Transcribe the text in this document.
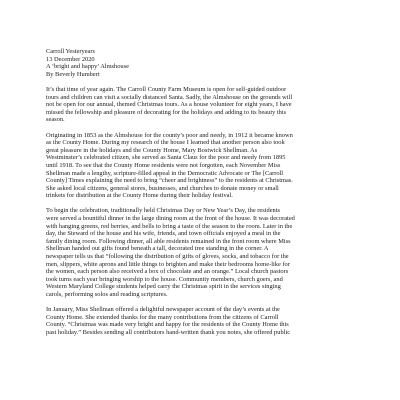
Carroll Yesteryears
13 December 2020
A ‘bright and happy’ Almshouse
By Beverly Humbert
It’s that time of year again. The Carroll County Farm Museum is open for self-guided outdoor
tours and children can visit a socially distanced Santa. Sadly, the Almshouse on the grounds will
not be open for our annual, themed Christmas tours. As a house volunteer for eight years, I have
missed the fellowship and pleasure of decorating for the holidays and adding to its beauty this
season.
Originating in 1853 as the Almshouse for the county’s poor and needy, in 1912 it became known
as the County Home. During my research of the house I learned that another person also took
great pleasure in the holidays and the County Home, Mary Bostwick Shellman. As
Westminster’s celebrated citizen, she served as Santa Claus for the poor and needy from 1895
until 1918. To see that the County Home residents were not forgotten, each November Miss
Shellman made a lengthy, scripture-filled appeal in the Democratic Advocate or The [Carroll
County] Times explaining the need to bring “cheer and brightness” to the residents at Christmas.
She asked local citizens, general stores, businesses, and churches to donate money or small
trinkets for distribution at the County Home during their holiday festival.
To begin the celebration, traditionally held Christmas Day or New Year’s Day, the residents
were served a bountiful dinner in the large dining room at the front of the house. It was decorated
with hanging greens, red berries, and bells to bring a taste of the season to the room. Later in the
day, the Steward of the house and his wife, friends, and town officials enjoyed a meal in the
family dining room. Following dinner, all able residents remained in the front room where Miss
Shellman handed out gifts found beneath a tall, decorated tree standing in the corner. A
newspaper tells us that “following the distribution of gifts of gloves, socks, and tobacco for the
men, slippers, white aprons and little things to brighten and make their bedrooms home-like for
the women, each person also received a box of chocolate and an orange.” Local church pastors
took turns each year bringing worship to the house. Community members, church goers, and
Western Maryland College students helped carry the Christmas spirit in the services singing
carols, performing solos and reading scriptures.
In January, Miss Shellman offered a delightful newspaper account of the day’s events at the
County Home. She extended thanks for the many contributions from the citizens of Carroll
County. “Christmas was made very bright and happy for the residents of the County Home this
past holiday.” Besides sending all contributors hand-written thank you notes, she offered public
